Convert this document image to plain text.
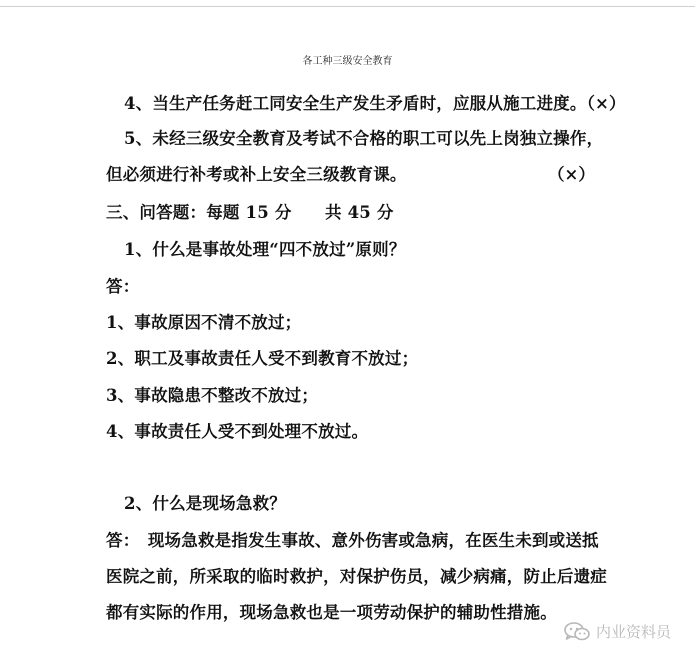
各工种三级安全教育
4、当生产任务赶工同安全生产发生矛盾时，应服从施工进度。（×）
5、未经三级安全教育及考试不合格的职工可以先上岗独立操作，
但必须进行补考或补上安全三级教育课。	（×）
三、问答题：每题 15 分　　共 45 分
1、什么是事故处理“四不放过”原则？
答：
1、事故原因不清不放过；
2、职工及事故责任人受不到教育不放过；
3、事故隐患不整改不放过；
4、事故责任人受不到处理不放过。
2、什么是现场急救？
答：　现场急救是指发生事故、意外伤害或急病，在医生未到或送抵
医院之前，所采取的临时救护，对保护伤员，减少病痛，防止后遗症
都有实际的作用，现场急救也是一项劳动保护的辅助性措施。
内业资料员
